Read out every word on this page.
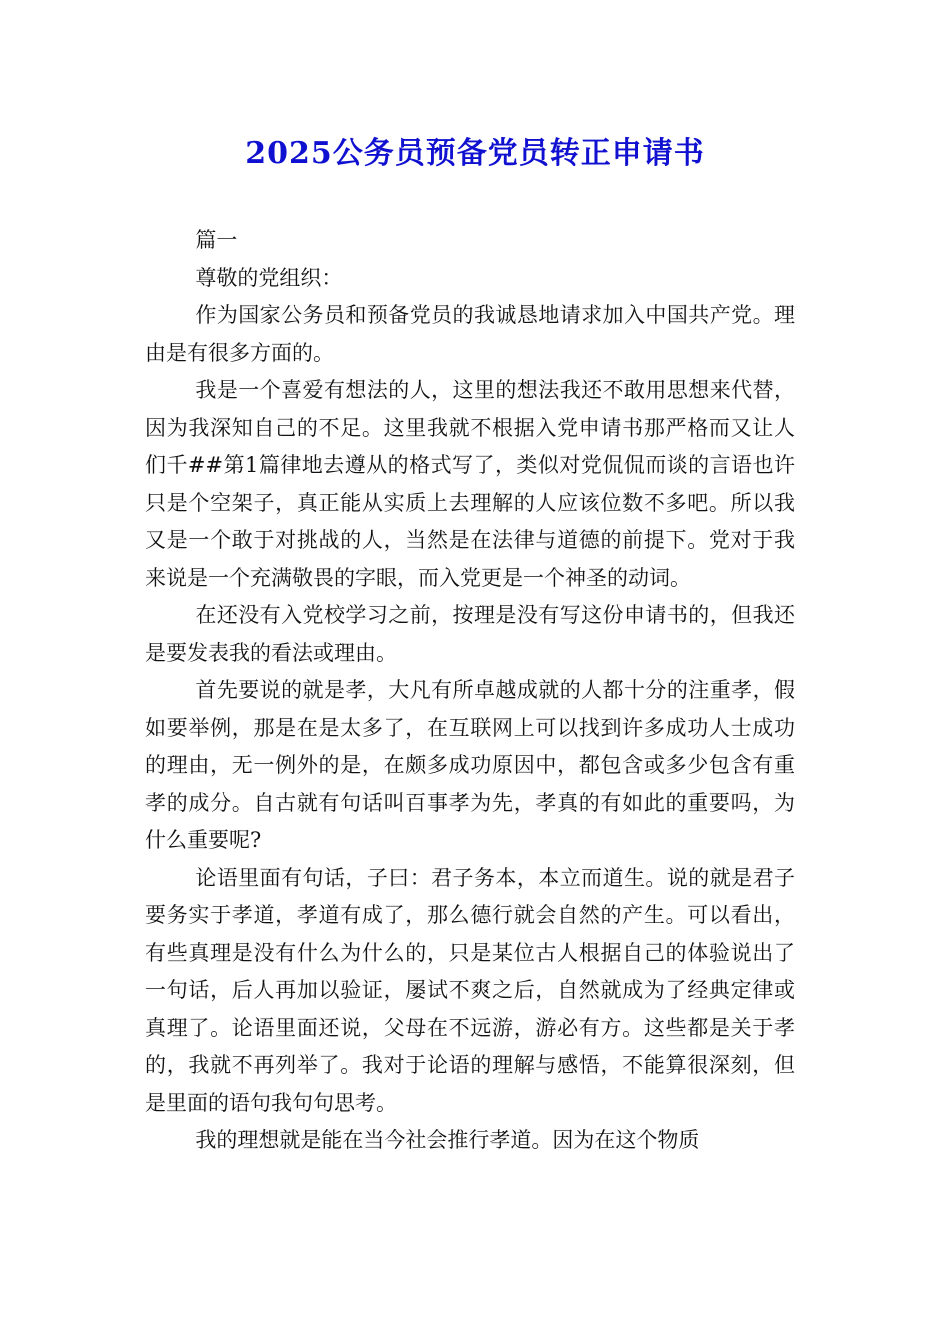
2025公务员预备党员转正申请书

篇一

尊敬的党组织：

作为国家公务员和预备党员的我诚恳地请求加入中国共产党。理由是有很多方面的。

我是一个喜爱有想法的人，这里的想法我还不敢用思想来代替，因为我深知自己的不足。这里我就不根据入党申请书那严格而又让人们千##第1篇律地去遵从的格式写了，类似对党侃侃而谈的言语也许只是个空架子，真正能从实质上去理解的人应该位数不多吧。所以我又是一个敢于对挑战的人，当然是在法律与道德的前提下。党对于我来说是一个充满敬畏的字眼，而入党更是一个神圣的动词。

在还没有入党校学习之前，按理是没有写这份申请书的，但我还是要发表我的看法或理由。

首先要说的就是孝，大凡有所卓越成就的人都十分的注重孝，假如要举例，那是在是太多了，在互联网上可以找到许多成功人士成功的理由，无一例外的是，在颇多成功原因中，都包含或多少包含有重孝的成分。自古就有句话叫百事孝为先，孝真的有如此的重要吗，为什么重要呢?

论语里面有句话，子曰：君子务本，本立而道生。说的就是君子要务实于孝道，孝道有成了，那么德行就会自然的产生。可以看出，有些真理是没有什么为什么的，只是某位古人根据自己的体验说出了一句话，后人再加以验证，屡试不爽之后，自然就成为了经典定律或真理了。论语里面还说，父母在不远游，游必有方。这些都是关于孝的，我就不再列举了。我对于论语的理解与感悟，不能算很深刻，但是里面的语句我句句思考。

我的理想就是能在当今社会推行孝道。因为在这个物质
